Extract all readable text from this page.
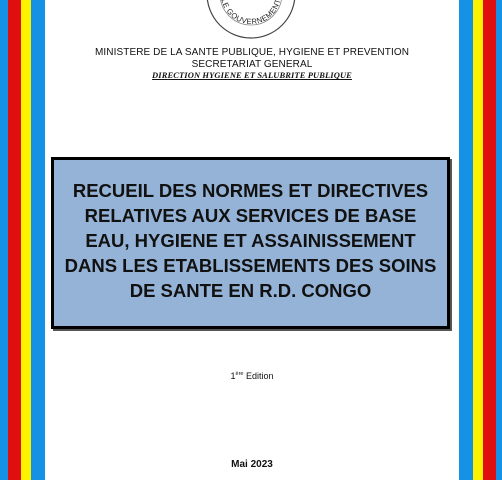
LE GOUVERNEMENT
MINISTERE DE LA SANTE PUBLIQUE, HYGIENE ET PREVENTION
SECRETARIAT GENERAL
DIRECTION HYGIENE ET SALUBRITE PUBLIQUE
RECUEIL DES NORMES ET DIRECTIVES RELATIVES AUX SERVICES DE BASE EAU, HYGIENE ET ASSAINISSEMENT DANS LES ETABLISSEMENTS DES SOINS DE SANTE EN R.D. CONGO
1ère Edition
Mai 2023
